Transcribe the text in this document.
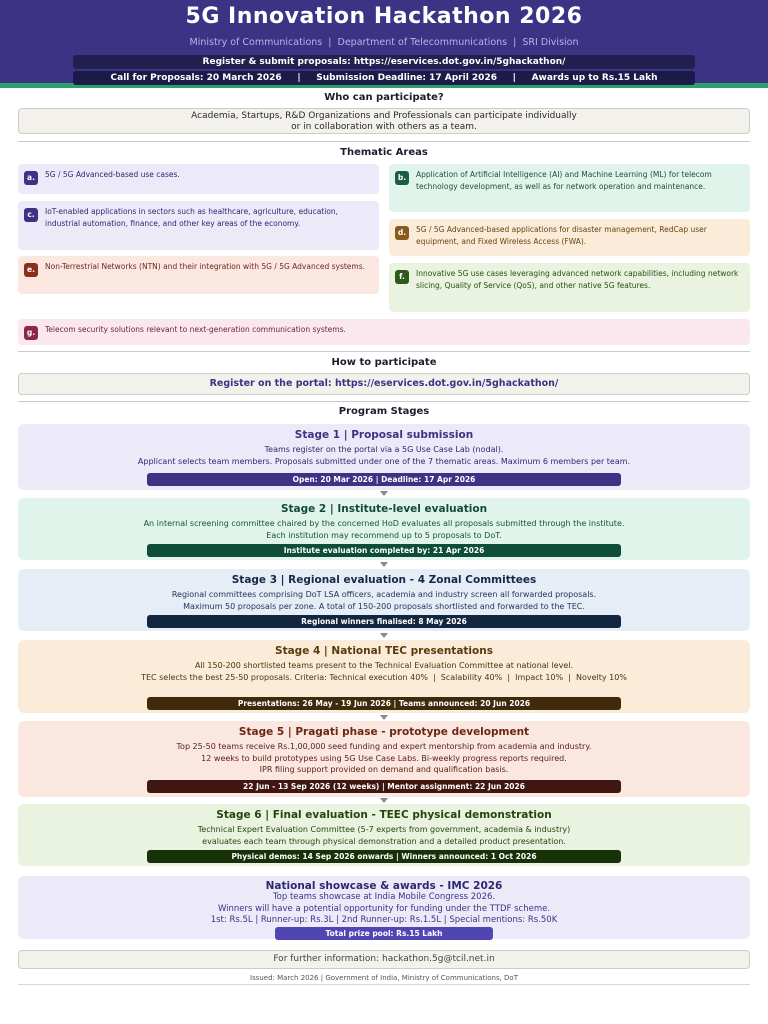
5G Innovation Hackathon 2026
Ministry of Communications  |  Department of Telecommunications  |  SRI Division
Register & submit proposals: https://eservices.dot.gov.in/5ghackathon/
Call for Proposals: 20 March 2026     |     Submission Deadline: 17 April 2026     |     Awards up to Rs.15 Lakh
Who can participate?
Academia, Startups, R&D Organizations and Professionals can participate individually
or in collaboration with others as a team.
Thematic Areas
a.	5G / 5G Advanced-based use cases.	b.	Application of Artificial Intelligence (AI) and Machine Learning (ML) for telecom technology development, as well as for network operation and maintenance.
c.	IoT-enabled applications in sectors such as healthcare, agriculture, education, industrial automation, finance, and other key areas of the economy.
d.	5G / 5G Advanced-based applications for disaster management, RedCap user equipment, and Fixed Wireless Access (FWA).
e.	Non-Terrestrial Networks (NTN) and their integration with 5G / 5G Advanced systems.
f.	Innovative 5G use cases leveraging advanced network capabilities, including network slicing, Quality of Service (QoS), and other native 5G features.
g.	Telecom security solutions relevant to next-generation communication systems.
How to participate
Register on the portal: https://eservices.dot.gov.in/5ghackathon/
Program Stages
Stage 1 | Proposal submission
Teams register on the portal via a 5G Use Case Lab (nodal).
Applicant selects team members. Proposals submitted under one of the 7 thematic areas. Maximum 6 members per team.
Open: 20 Mar 2026 | Deadline: 17 Apr 2026
Stage 2 | Institute-level evaluation
An internal screening committee chaired by the concerned HoD evaluates all proposals submitted through the institute.
Each institution may recommend up to 5 proposals to DoT.
Institute evaluation completed by: 21 Apr 2026
Stage 3 | Regional evaluation - 4 Zonal Committees
Regional committees comprising DoT LSA officers, academia and industry screen all forwarded proposals.
Maximum 50 proposals per zone. A total of 150-200 proposals shortlisted and forwarded to the TEC.
Regional winners finalised: 8 May 2026
Stage 4 | National TEC presentations
All 150-200 shortlisted teams present to the Technical Evaluation Committee at national level.
TEC selects the best 25-50 proposals. Criteria: Technical execution 40%  |  Scalability 40%  |  Impact 10%  |  Novelty 10%
Presentations: 26 May - 19 Jun 2026 | Teams announced: 20 Jun 2026
Stage 5 | Pragati phase - prototype development
Top 25-50 teams receive Rs.1,00,000 seed funding and expert mentorship from academia and industry.
12 weeks to build prototypes using 5G Use Case Labs. Bi-weekly progress reports required.
IPR filing support provided on demand and qualification basis.
22 Jun - 13 Sep 2026 (12 weeks) | Mentor assignment: 22 Jun 2026
Stage 6 | Final evaluation - TEEC physical demonstration
Technical Expert Evaluation Committee (5-7 experts from government, academia & industry)
evaluates each team through physical demonstration and a detailed product presentation.
Physical demos: 14 Sep 2026 onwards | Winners announced: 1 Oct 2026
National showcase & awards - IMC 2026
Top teams showcase at India Mobile Congress 2026.
Winners will have a potential opportunity for funding under the TTDF scheme.
1st: Rs.5L | Runner-up: Rs.3L | 2nd Runner-up: Rs.1.5L | Special mentions: Rs.50K
Total prize pool: Rs.15 Lakh
For further information: hackathon.5g@tcil.net.in
Issued: March 2026 | Government of India, Ministry of Communications, DoT
